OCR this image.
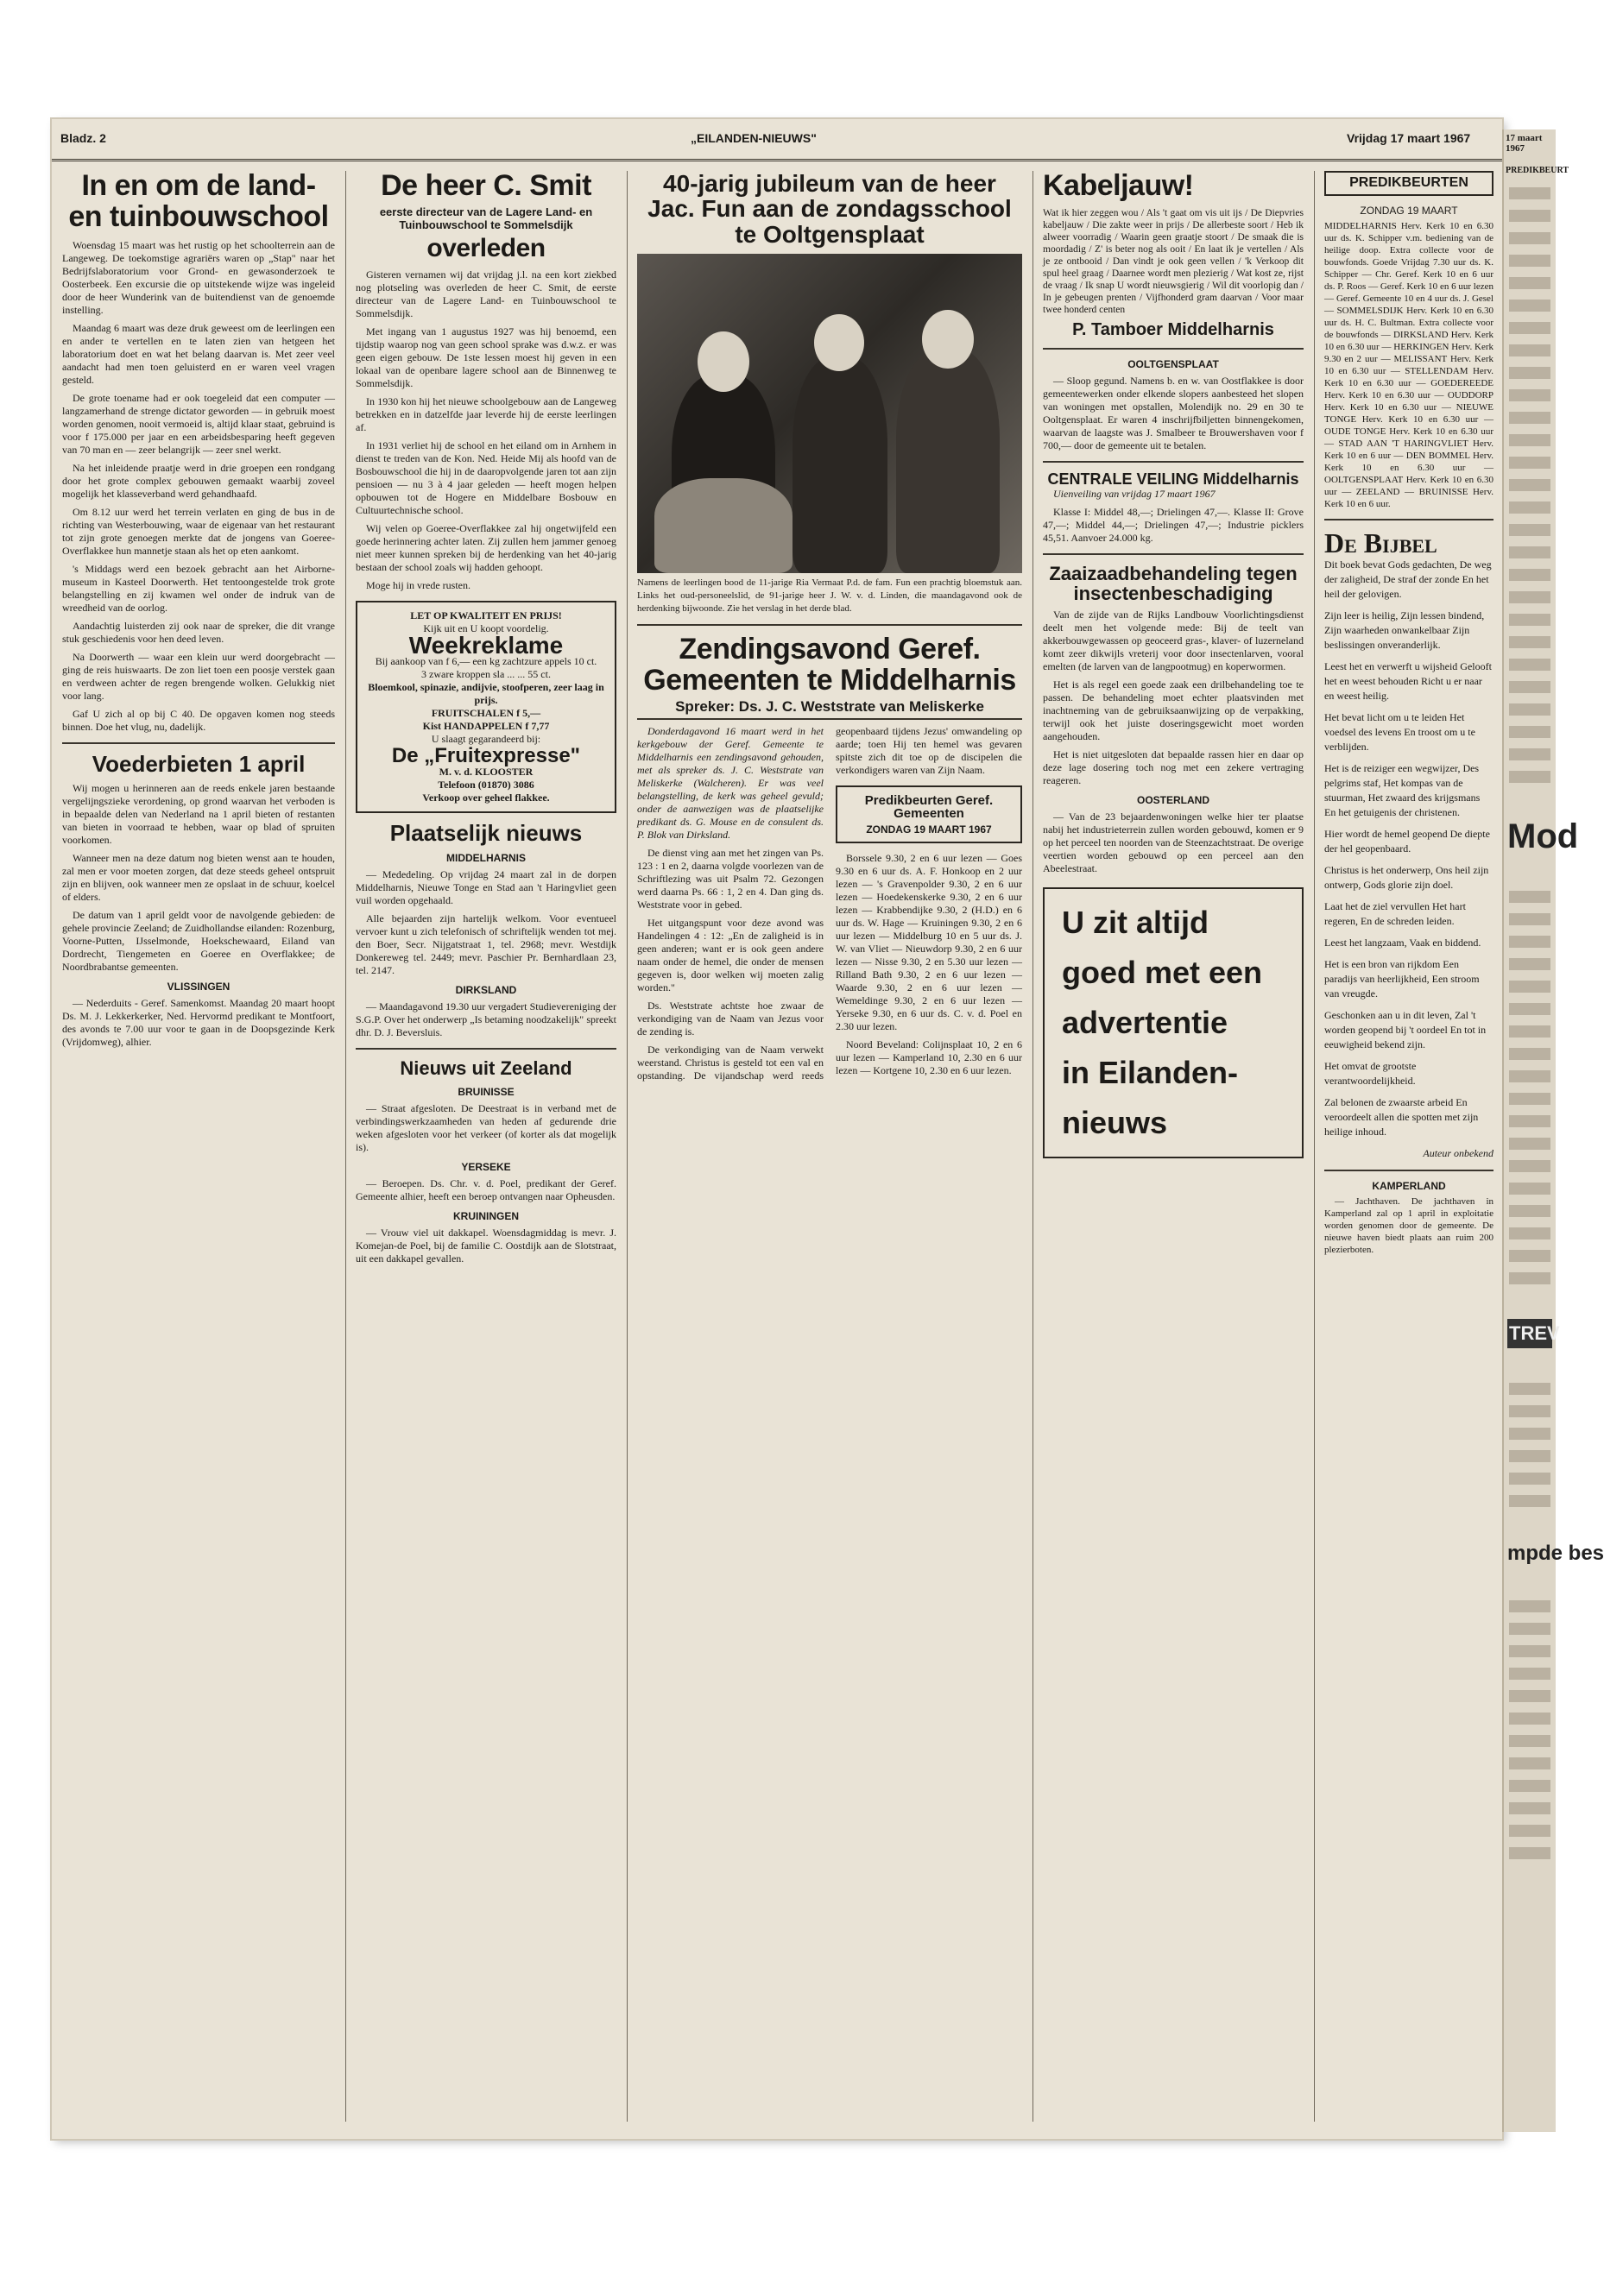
Bladz. 2	„EILANDEN-NIEUWS"	Vrijdag 17 maart 1967
In en om de land- en tuinbouwschool

Woensdag 15 maart was het rustig op het schoolterrein aan de Langeweg. De toekomstige agrariërs waren op „Stap" naar het Bedrijfslaboratorium voor Grond- en gewasonderzoek te Oosterbeek. Een excursie die op uitstekende wijze was ingeleid door de heer Wunderink van de buitendienst van de genoemde instelling.

Maandag 6 maart was deze druk geweest om de leerlingen een en ander te vertellen en te laten zien van hetgeen het laboratorium doet en wat het belang daarvan is. Met zeer veel aandacht had men toen geluisterd en er waren veel vragen gesteld.

De grote toename had er ook toegeleid dat een computer — langzamerhand de strenge dictator geworden — in gebruik moest worden genomen, nooit vermoeid is, altijd klaar staat, gebruind is voor f 175.000 per jaar en een arbeidsbesparing heeft gegeven van 70 man en — zeer belangrijk — zeer snel werkt.

Na het inleidende praatje werd in drie groepen een rondgang door het grote complex gebouwen gemaakt waarbij zoveel mogelijk het klasseverband werd gehandhaafd.

Om 8.12 uur werd het terrein verlaten en ging de bus in de richting van Westerbouwing, waar de eigenaar van het restaurant tot zijn grote genoegen merkte dat de jongens van Goeree-Overflakkee hun mannetje staan als het op eten aankomt.

's Middags werd een bezoek gebracht aan het Airborne-museum in Kasteel Doorwerth. Het tentoongestelde trok grote belangstelling en zij kwamen wel onder de indruk van de wreedheid van de oorlog.

Aandachtig luisterden zij ook naar de spreker, die dit vrange stuk geschiedenis voor hen deed leven.

Na Doorwerth — waar een klein uur werd doorgebracht — ging de reis huiswaarts. De zon liet toen een poosje verstek gaan en verdween achter de regen brengende wolken. Gelukkig niet voor lang.

Gaf U zich al op bij C 40. De opgaven komen nog steeds binnen. Doe het vlug, nu, dadelijk.

Voederbieten 1 april

Wij mogen u herinneren aan de reeds enkele jaren bestaande vergelijngszieke verordening, op grond waarvan het verboden is in bepaalde delen van Nederland na 1 april bieten of restanten van bieten in voorraad te hebben, waar op blad of spruiten voorkomen.

Wanneer men na deze datum nog bieten wenst aan te houden, zal men er voor moeten zorgen, dat deze steeds geheel ontspruit zijn en blijven, ook wanneer men ze opslaat in de schuur, koelcel of elders.

De datum van 1 april geldt voor de navolgende gebieden: de gehele provincie Zeeland; de Zuidhollandse eilanden: Rozenburg, Voorne-Putten, IJsselmonde, Hoekschewaard, Eiland van Dordrecht, Tiengemeten en Goeree en Overflakkee; de Noordbrabantse gemeenten.

VLISSINGEN

— Nederduits - Geref. Samenkomst. Maandag 20 maart hoopt Ds. M. J. Lekkerkerker, Ned. Hervormd predikant te Montfoort, des avonds te 7.00 uur voor te gaan in de Doopsgezinde Kerk (Vrijdomweg), alhier.

De heer C. Smit
eerste directeur van de Lagere Land- en Tuinbouwschool te Sommelsdijk
overleden

Gisteren vernamen wij dat vrijdag j.l. na een kort ziekbed nog plotseling was overleden de heer C. Smit, de eerste directeur van de Lagere Land- en Tuinbouwschool te Sommelsdijk.

Met ingang van 1 augustus 1927 was hij benoemd, een tijdstip waarop nog van geen school sprake was d.w.z. er was geen eigen gebouw. De 1ste lessen moest hij geven in een lokaal van de openbare lagere school aan de Binnenweg te Sommelsdijk.

In 1930 kon hij het nieuwe schoolgebouw aan de Langeweg betrekken en in datzelfde jaar leverde hij de eerste leerlingen af.

In 1931 verliet hij de school en het eiland om in Arnhem in dienst te treden van de Kon. Ned. Heide Mij als hoofd van de Bosbouwschool die hij in de daaropvolgende jaren tot aan zijn pensioen — nu 3 à 4 jaar geleden — heeft mogen helpen opbouwen tot de Hogere en Middelbare Bosbouw en Cultuurtechnische school.

Wij velen op Goeree-Overflakkee zal hij ongetwijfeld een goede herinnering achter laten. Zij zullen hem jammer genoeg niet meer kunnen spreken bij de herdenking van het 40-jarig bestaan der school zoals wij hadden gehoopt.

Moge hij in vrede rusten.

LET OP KWALITEIT EN PRIJS!
Kijk uit en U koopt voordelig.
Weekreklame
Bij aankoop van f 6,— een kg zachtzure appels 10 ct.
3 zware kroppen sla ... ... 55 ct.
Bloemkool, spinazie, andijvie, stoofperen, zeer laag in prijs.
FRUITSCHALEN f 5,—
Kist HANDAPPELEN f 7,77
U slaagt gegarandeerd bij:
De „Fruitexpresse"
M. v. d. KLOOSTER
Telefoon (01870) 3086
Verkoop over geheel flakkee.
Plaatselijk nieuws
MIDDELHARNIS

— Mededeling. Op vrijdag 24 maart zal in de dorpen Middelharnis, Nieuwe Tonge en Stad aan 't Haringvliet geen vuil worden opgehaald.

Alle bejaarden zijn hartelijk welkom. Voor eventueel vervoer kunt u zich telefonisch of schriftelijk wenden tot mej. den Boer, Secr. Nijgatstraat 1, tel. 2968; mevr. Westdijk Donkereweg tel. 2449; mevr. Paschier Pr. Bernhardlaan 23, tel. 2147.

DIRKSLAND

— Maandagavond 19.30 uur vergadert Studievereniging der S.G.P. Over het onderwerp „Is betaming noodzakelijk" spreekt dhr. D. J. Beversluis.

Nieuws uit Zeeland
BRUINISSE

— Straat afgesloten. De Deestraat is in verband met de verbindingswerkzaamheden van heden af gedurende drie weken afgesloten voor het verkeer (of korter als dat mogelijk is).

YERSEKE

— Beroepen. Ds. Chr. v. d. Poel, predikant der Geref. Gemeente alhier, heeft een beroep ontvangen naar Opheusden.

KRUININGEN

— Vrouw viel uit dakkapel. Woensdagmiddag is mevr. J. Komejan-de Poel, bij de familie C. Oostdijk aan de Slotstraat, uit een dakkapel gevallen.

40-jarig jubileum van de heer Jac. Fun aan de zondagsschool te Ooltgensplaat
Namens de leerlingen bood de 11-jarige Ria Vermaat P.d. de fam. Fun een prachtig bloemstuk aan. Links het oud-personeelslid, de 91-jarige heer J. W. v. d. Linden, die maandagavond ook de herdenking bijwoonde. Zie het verslag in het derde blad.
Zendingsavond Geref. Gemeenten te Middelharnis
Spreker: Ds. J. C. Weststrate van Meliskerke

Donderdagavond 16 maart werd in het kerkgebouw der Geref. Gemeente te Middelharnis een zendingsavond gehouden, met als spreker ds. J. C. Weststrate van Meliskerke (Walcheren). Er was veel belangstelling, de kerk was geheel gevuld; onder de aanwezigen was de plaatselijke predikant ds. G. Mouse en de consulent ds. P. Blok van Dirksland.

De dienst ving aan met het zingen van Ps. 123 : 1 en 2, daarna volgde voorlezen van de Schriftlezing was uit Psalm 72. Gezongen werd daarna Ps. 66 : 1, 2 en 4. Dan ging ds. Weststrate voor in gebed.

Het uitgangspunt voor deze avond was Handelingen 4 : 12: „En de zaligheid is in geen anderen; want er is ook geen andere naam onder de hemel, die onder de mensen gegeven is, door welken wij moeten zalig worden."

Ds. Weststrate achtste hoe zwaar de verkondiging van de Naam van Jezus voor de zending is.

De verkondiging van de Naam verwekt weerstand. Christus is gesteld tot een val en opstanding. De vijandschap werd reeds geopenbaard tijdens Jezus' omwandeling op aarde; toen Hij ten hemel was gevaren spitste zich dit toe op de discipelen die verkondigers waren van Zijn Naam.

Predikbeurten Geref. Gemeenten
ZONDAG 19 MAART 1967

Borssele 9.30, 2 en 6 uur lezen — Goes 9.30 en 6 uur ds. A. F. Honkoop en 2 uur lezen — 's Gravenpolder 9.30, 2 en 6 uur lezen — Hoedekenskerke 9.30, 2 en 6 uur lezen — Krabbendijke 9.30, 2 (H.D.) en 6 uur ds. W. Hage — Kruiningen 9.30, 2 en 6 uur lezen — Middelburg 10 en 5 uur ds. J. W. van Vliet — Nieuwdorp 9.30, 2 en 6 uur lezen — Nisse 9.30, 2 en 5.30 uur lezen — Rilland Bath 9.30, 2 en 6 uur lezen — Waarde 9.30, 2 en 6 uur lezen — Wemeldinge 9.30, 2 en 6 uur lezen — Yerseke 9.30, en 6 uur ds. C. v. d. Poel en 2.30 uur lezen.

Noord Beveland: Colijnsplaat 10, 2 en 6 uur lezen — Kamperland 10, 2.30 en 6 uur lezen — Kortgene 10, 2.30 en 6 uur lezen.

Kabeljauw!

Wat ik hier zeggen wou / Als 't gaat om vis uit ijs / De Diepvries kabeljauw / Die zakte weer in prijs / De allerbeste soort / Heb ik alweer voorradig / Waarin geen graatje stoort / De smaak die is moordadig / Z' is beter nog als ooit / En laat ik je vertellen / Als je ze ontbooid / Dan vindt je ook geen vellen / 'k Verkoop dit spul heel graag / Daarnee wordt men plezierig / Wat kost ze, rijst de vraag / Ik snap U wordt nieuwsgierig / Wil dit voorlopig dan / In je gebeugen prenten / Vijfhonderd gram daarvan / Voor maar twee honderd centen

P. Tamboer Middelharnis
OOLTGENSPLAAT

— Sloop gegund. Namens b. en w. van Oostflakkee is door gemeentewerken onder elkende slopers aanbesteed het slopen van woningen met opstallen, Molendijk no. 29 en 30 te Ooltgensplaat. Er waren 4 inschrijfbiljetten binnengekomen, waarvan de laagste was J. Smalbeer te Brouwershaven voor f 700,— door de gemeente uit te betalen.

CENTRALE VEILING Middelharnis

Uienveiling van vrijdag 17 maart 1967

Klasse I: Middel 48,—; Drielingen 47,—. Klasse II: Grove 47,—; Middel 44,—; Drielingen 47,—; Industrie picklers 45,51. Aanvoer 24.000 kg.

Zaaizaadbehandeling tegen insectenbeschadiging

Van de zijde van de Rijks Landbouw Voorlichtingsdienst deelt men het volgende mede: Bij de teelt van akkerbouwgewassen op geoceerd gras-, klaver- of luzerneland komt zeer dikwijls vreterij voor door insectenlarven, vooral emelten (de larven van de langpootmug) en koperwormen.

Het is als regel een goede zaak een drilbehandeling toe te passen. De behandeling moet echter plaatsvinden met inachtneming van de gebruiksaanwijzing op de verpakking, terwijl ook het juiste doseringsgewicht moet worden aangehouden.

Het is niet uitgesloten dat bepaalde rassen hier en daar op deze lage dosering toch nog met een zekere vertraging reageren.

OOSTERLAND

— Van de 23 bejaardenwoningen welke hier ter plaatse nabij het industrieterrein zullen worden gebouwd, komen er 9 op het perceel ten noorden van de Steenzachtstraat. De overige veertien worden gebouwd op een perceel aan den Abeelestraat.

U zit altijd
goed met een
advertentie
in Eilanden-
nieuws
PREDIKBEURTEN
ZONDAG 19 MAART

MIDDELHARNIS Herv. Kerk 10 en 6.30 uur ds. K. Schipper v.m. bediening van de heilige doop. Extra collecte voor de bouwfonds. Goede Vrijdag 7.30 uur ds. K. Schipper — Chr. Geref. Kerk 10 en 6 uur ds. P. Roos — Geref. Kerk 10 en 6 uur lezen — Geref. Gemeente 10 en 4 uur ds. J. Gesel — SOMMELSDIJK Herv. Kerk 10 en 6.30 uur ds. H. C. Bultman. Extra collecte voor de bouwfonds — DIRKSLAND Herv. Kerk 10 en 6.30 uur — HERKINGEN Herv. Kerk 9.30 en 2 uur — MELISSANT Herv. Kerk 10 en 6.30 uur — STELLENDAM Herv. Kerk 10 en 6.30 uur — GOEDEREEDE Herv. Kerk 10 en 6.30 uur — OUDDORP Herv. Kerk 10 en 6.30 uur — NIEUWE TONGE Herv. Kerk 10 en 6.30 uur — OUDE TONGE Herv. Kerk 10 en 6.30 uur — STAD AAN 'T HARINGVLIET Herv. Kerk 10 en 6 uur — DEN BOMMEL Herv. Kerk 10 en 6.30 uur — OOLTGENSPLAAT Herv. Kerk 10 en 6.30 uur — ZEELAND — BRUINISSE Herv. Kerk 10 en 6 uur.

De Bijbel
Dit boek bevat Gods gedachten, De weg der zaligheid, De straf der zonde En het heil der gelovigen.
Zijn leer is heilig, Zijn lessen bindend, Zijn waarheden onwankelbaar Zijn beslissingen onveranderlijk.
Leest het en verwerft u wijsheid Gelooft het en weest behouden Richt u er naar en weest heilig.
Het bevat licht om u te leiden Het voedsel des levens En troost om u te verblijden.
Het is de reiziger een wegwijzer, Des pelgrims staf, Het kompas van de stuurman, Het zwaard des krijgsmans En het getuigenis der christenen.
Hier wordt de hemel geopend De diepte der hel geopenbaard.
Christus is het onderwerp, Ons heil zijn ontwerp, Gods glorie zijn doel.
Laat het de ziel vervullen Het hart regeren, En de schreden leiden.
Leest het langzaam, Vaak en biddend.
Het is een bron van rijkdom Een paradijs van heerlijkheid, Een stroom van vreugde.
Geschonken aan u in dit leven, Zal 't worden geopend bij 't oordeel En tot in eeuwigheid bekend zijn.
Het omvat de grootste verantwoordelijkheid.
Zal belonen de zwaarste arbeid En veroordeelt allen die spotten met zijn heilige inhoud.
Auteur onbekend
KAMPERLAND

— Jachthaven. De jachthaven in Kamperland zal op 1 april in exploitatie worden genomen door de gemeente. De nieuwe haven biedt plaats aan ruim 200 plezierboten.

17 maart 1967
PREDIKBEURT
Mod
TREV
mpde bes
